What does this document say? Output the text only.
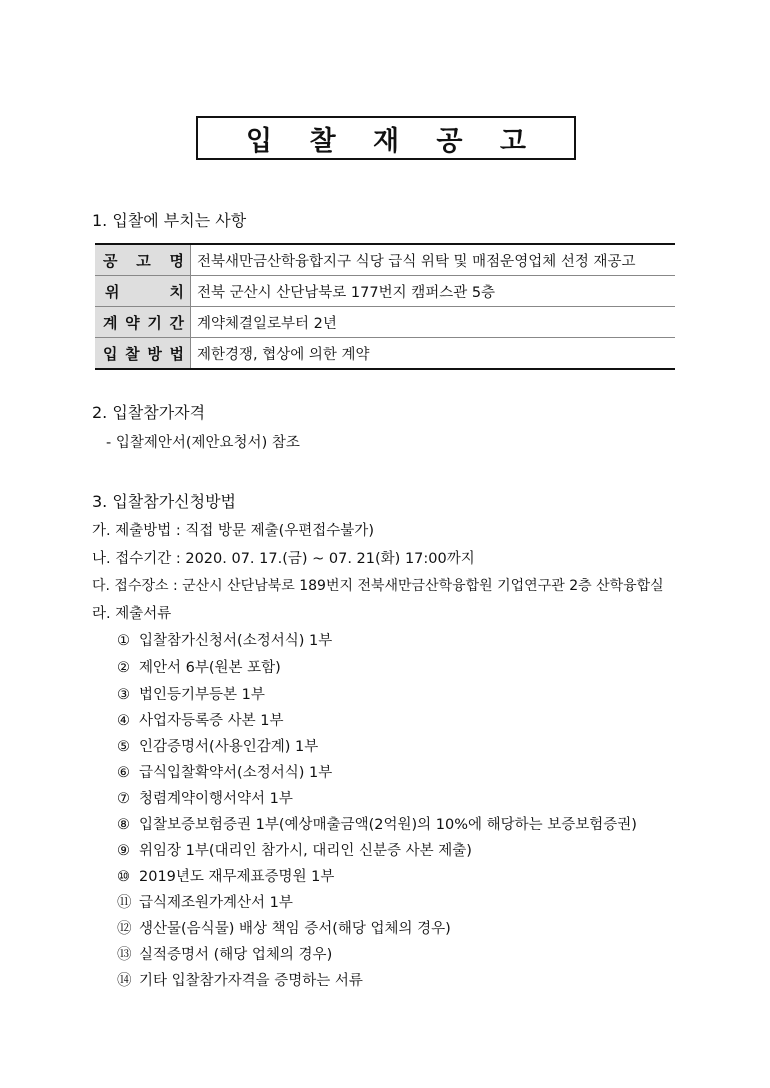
입 찰 재 공 고
1. 입찰에 부치는 사항
공 고 명	전북새만금산학융합지구 식당 급식 위탁 및 매점운영업체 선정 재공고

위 치	전북 군산시 산단남북로 177번지 캠퍼스관 5층

계 약 기 간	계약체결일로부터 2년

입 찰 방 법	제한경쟁, 협상에 의한 계약
2. 입찰참가자격
- 입찰제안서(제안요청서) 참조
3. 입찰참가신청방법
가. 제출방법 : 직접 방문 제출(우편접수불가)
나. 접수기간 : 2020. 07. 17.(금) ~ 07. 21(화) 17:00까지
다. 접수장소 : 군산시 산단남북로 189번지 전북새만금산학융합원 기업연구관 2층 산학융합실
라. 제출서류
① 입찰참가신청서(소정서식) 1부
② 제안서 6부(원본 포함)
③ 법인등기부등본 1부
④ 사업자등록증 사본 1부
⑤ 인감증명서(사용인감계) 1부
⑥ 급식입찰확약서(소정서식) 1부
⑦ 청렴계약이행서약서 1부
⑧ 입찰보증보험증권 1부(예상매출금액(2억원)의 10%에 해당하는 보증보험증권)
⑨ 위임장 1부(대리인 참가시, 대리인 신분증 사본 제출)
⑩ 2019년도 재무제표증명원 1부
⑪ 급식제조원가계산서 1부
⑫ 생산물(음식물) 배상 책임 증서(해당 업체의 경우)
⑬ 실적증명서 (해당 업체의 경우)
⑭ 기타 입찰참가자격을 증명하는 서류
